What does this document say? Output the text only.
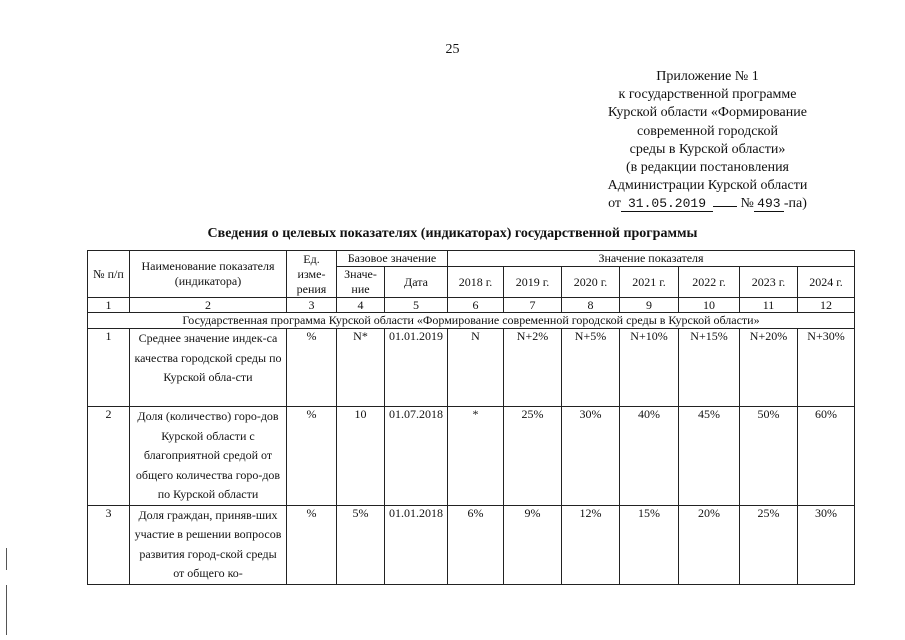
25
Приложение № 1
к государственной программе
Курской области «Формирование
современной городской
среды в Курской области»
(в редакции постановления
Администрации Курской области
от 31.05.2019 № 493 -па)
Сведения о целевых показателях (индикаторах) государственной программы
№ п/п	Наименование показателя (индикатора)	Ед. изме-рения	Базовое значение		Значение показателя						
			Значе-ние	Дата	2018 г.	2019 г.	2020 г.	2021 г.	2022 г.	2023 г.	2024 г.
1	2	3	4	5	6	7	8	9	10	11	12
Государственная программа Курской области «Формирование современной городской среды в Курской области»											
1	Среднее значение индек-са качества городской среды по Курской обла-сти	%	N*	01.01.2019	N	N+2%	N+5%	N+10%	N+15%	N+20%	N+30%
2	Доля (количество) горо-дов Курской области с благоприятной средой от общего количества горо-дов по Курской области	%	10	01.07.2018	*	25%	30%	40%	45%	50%	60%
3	Доля граждан, приняв-ших участие в решении вопросов развития город-ской среды от общего ко-	%	5%	01.01.2018	6%	9%	12%	15%	20%	25%	30%
